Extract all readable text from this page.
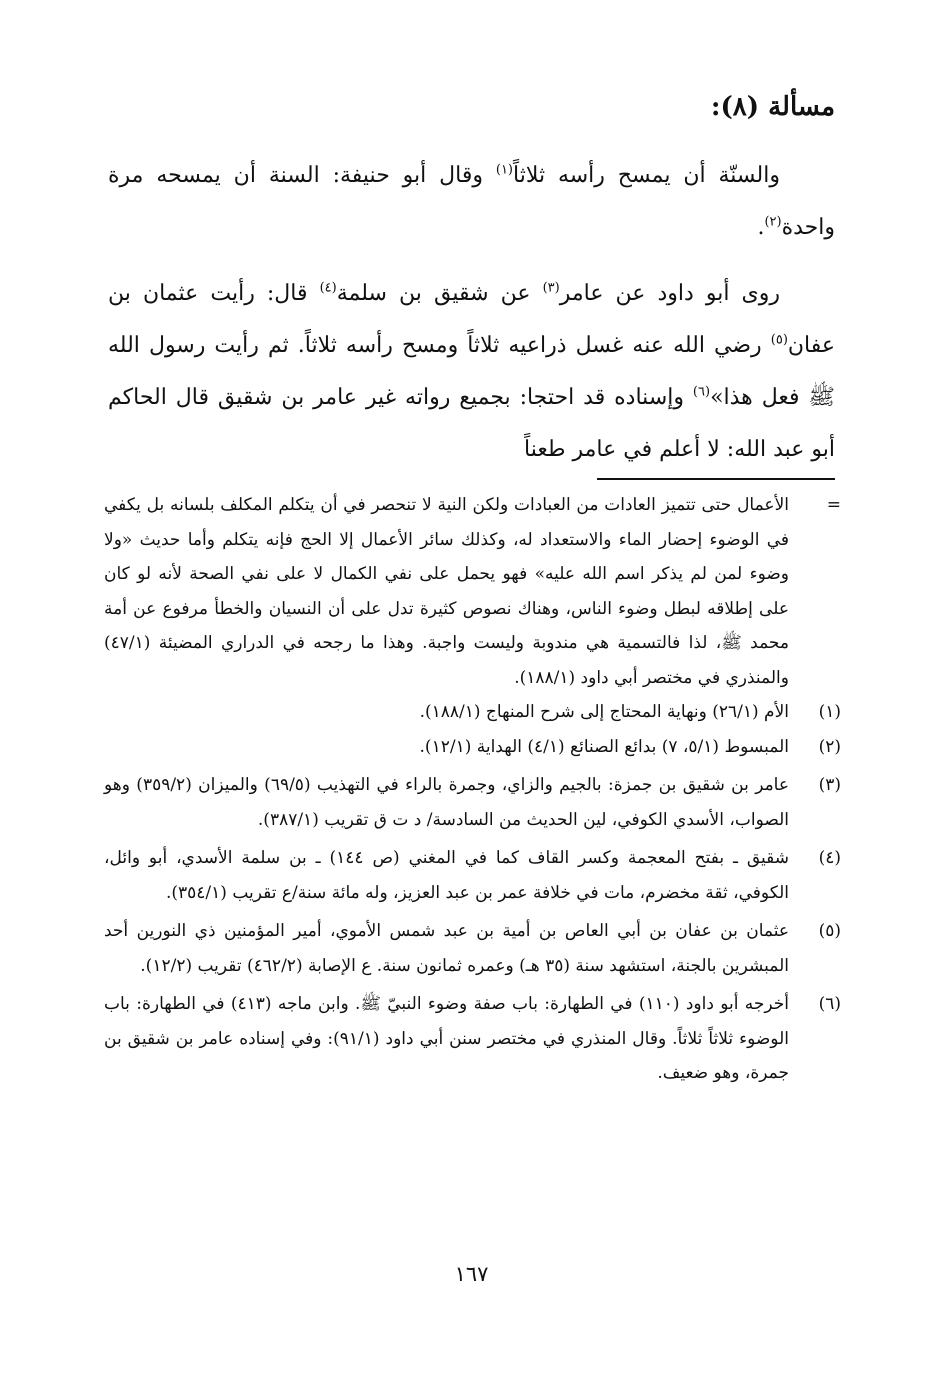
مسألة (٨):

والسنّة أن يمسح رأسه ثلاثاً$^{(١)}$ وقال أبو حنيفة: السنة أن يمسحه مرة واحدة$^{(٢)}$.

روى أبو داود عن عامر$^{(٣)}$ عن شقيق بن سلمة$^{(٤)}$ قال: رأيت عثمان بن عفان$^{(٥)}$ رضي الله عنه غسل ذراعيه ثلاثاً ومسح رأسه ثلاثاً. ثم رأيت رسول الله ﷺ فعل هذا»$^{(٦)}$ وإسناده قد احتجا: بجميع رواته غير عامر بن شقيق قال الحاكم أبو عبد الله: لا أعلم في عامر طعناً

=
الأعمال حتى تتميز العادات من العبادات ولكن النية لا تنحصر في أن يتكلم المكلف بلسانه بل يكفي في الوضوء إحضار الماء والاستعداد له، وكذلك سائر الأعمال إلا الحج فإنه يتكلم وأما حديث «ولا وضوء لمن لم يذكر اسم الله عليه» فهو يحمل على نفي الكمال لا على نفي الصحة لأنه لو كان على إطلاقه لبطل وضوء الناس، وهناك نصوص كثيرة تدل على أن النسيان والخطأ مرفوع عن أمة محمد ﷺ، لذا فالتسمية هي مندوبة وليست واجبة. وهذا ما رجحه في الدراري المضيئة (٤٧/١) والمنذري في مختصر أبي داود (١٨٨/١).
(١)
الأم (٢٦/١) ونهاية المحتاج إلى شرح المنهاج (١٨٨/١).
(٢)
المبسوط (٥/١، ٧) بدائع الصنائع (٤/١) الهداية (١٢/١).
(٣)
عامر بن شقيق بن جمزة: بالجيم والزاي، وجمرة بالراء في التهذيب (٦٩/٥) والميزان (٣٥٩/٢) وهو الصواب، الأسدي الكوفي، لين الحديث من السادسة/ د ت ق تقريب (٣٨٧/١).
(٤)
شقيق ـ بفتح المعجمة وكسر القاف كما في المغني (ص ١٤٤) ـ بن سلمة الأسدي، أبو وائل، الكوفي، ثقة مخضرم، مات في خلافة عمر بن عبد العزيز، وله مائة سنة/ع تقريب (٣٥٤/١).
(٥)
عثمان بن عفان بن أبي العاص بن أمية بن عبد شمس الأموي، أمير المؤمنين ذي النورين أحد المبشرين بالجنة، استشهد سنة (٣٥ هـ) وعمره ثمانون سنة. ع الإصابة (٤٦٢/٢) تقريب (١٢/٢).
(٦)
أخرجه أبو داود (١١٠) في الطهارة: باب صفة وضوء النبيّ ﷺ. وابن ماجه (٤١٣) في الطهارة: باب الوضوء ثلاثاً ثلاثاً. وقال المنذري في مختصر سنن أبي داود (٩١/١): وفي إسناده عامر بن شقيق بن جمرة، وهو ضعيف.
١٦٧
